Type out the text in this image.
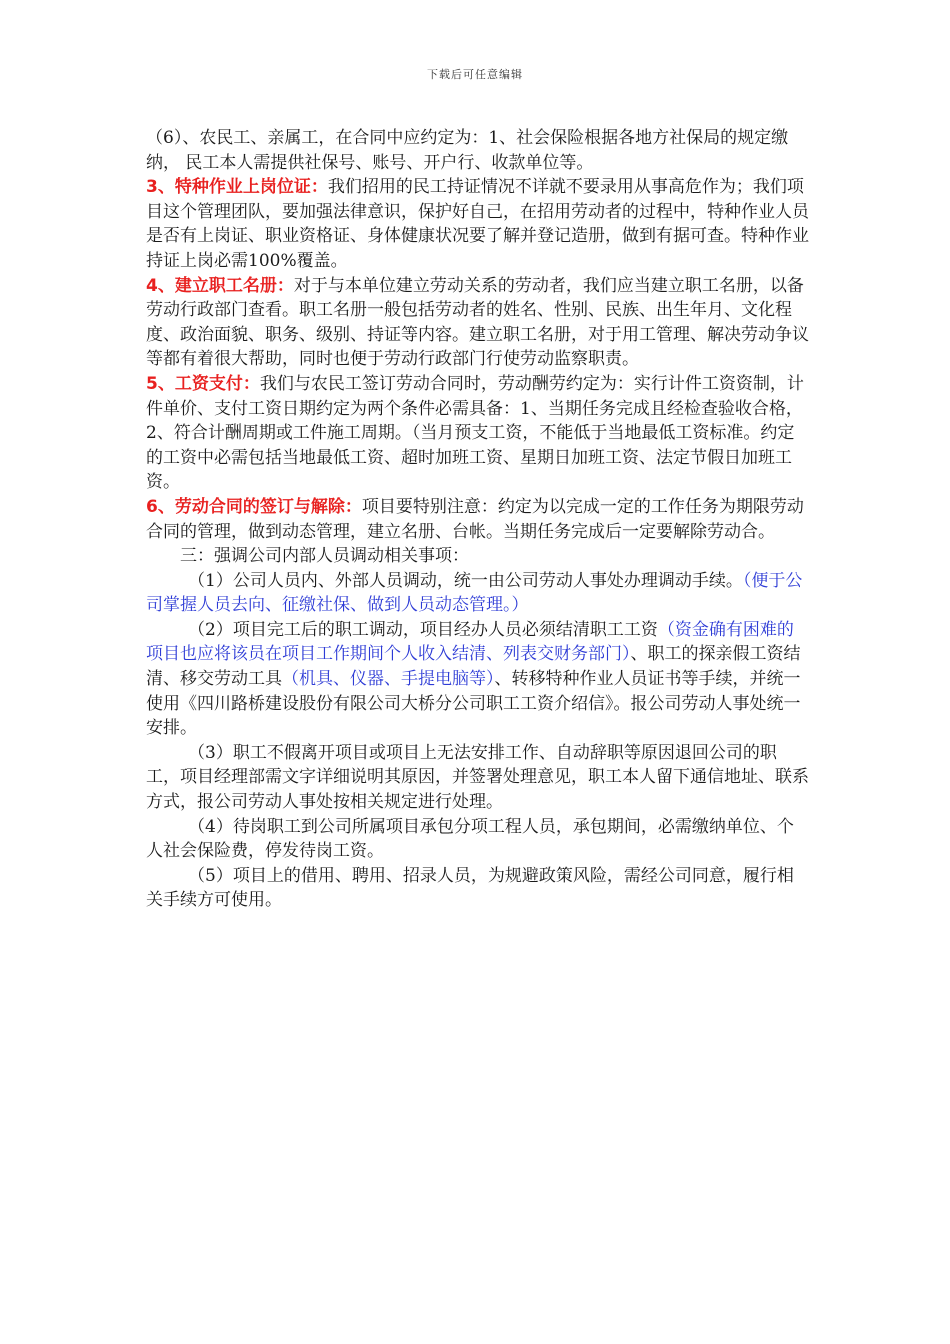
下载后可任意编辑

（6）、农民工、亲属工，在合同中应约定为：1、社会保险根据各地方社保局的规定缴纳， 民工本人需提供社保号、账号、开户行、收款单位等。

3、特种作业上岗位证：我们招用的民工持证情况不详就不要录用从事高危作为；我们项目这个管理团队，要加强法律意识，保护好自己，在招用劳动者的过程中，特种作业人员是否有上岗证、职业资格证、身体健康状况要了解并登记造册，做到有据可查。特种作业持证上岗必需100%覆盖。

4、建立职工名册：对于与本单位建立劳动关系的劳动者，我们应当建立职工名册，以备劳动行政部门查看。职工名册一般包括劳动者的姓名、性别、民族、出生年月、文化程度、政治面貌、职务、级别、持证等内容。建立职工名册，对于用工管理、解决劳动争议等都有着很大帮助，同时也便于劳动行政部门行使劳动监察职责。

5、工资支付：我们与农民工签订劳动合同时，劳动酬劳约定为：实行计件工资资制，计件单价、支付工资日期约定为两个条件必需具备：1、当期任务完成且经检查验收合格，2、符合计酬周期或工件施工周期。（当月预支工资，不能低于当地最低工资标准。约定的工资中必需包括当地最低工资、超时加班工资、星期日加班工资、法定节假日加班工资。

6、劳动合同的签订与解除：项目要特别注意：约定为以完成一定的工作任务为期限劳动合同的管理，做到动态管理，建立名册、台帐。当期任务完成后一定要解除劳动合。

三：强调公司内部人员调动相关事项：

（1）公司人员内、外部人员调动，统一由公司劳动人事处办理调动手续。（便于公司掌握人员去向、征缴社保、做到人员动态管理。）

（2）项目完工后的职工调动，项目经办人员必须结清职工工资（资金确有困难的项目也应将该员在项目工作期间个人收入结清、列表交财务部门）、职工的探亲假工资结清、移交劳动工具（机具、仪器、手提电脑等）、转移特种作业人员证书等手续，并统一使用《四川路桥建设股份有限公司大桥分公司职工工资介绍信》。报公司劳动人事处统一安排。

（3）职工不假离开项目或项目上无法安排工作、自动辞职等原因退回公司的职工，项目经理部需文字详细说明其原因，并签署处理意见，职工本人留下通信地址、联系方式，报公司劳动人事处按相关规定进行处理。

（4）待岗职工到公司所属项目承包分项工程人员，承包期间，必需缴纳单位、个人社会保险费，停发待岗工资。

（5）项目上的借用、聘用、招录人员，为规避政策风险，需经公司同意，履行相关手续方可使用。
